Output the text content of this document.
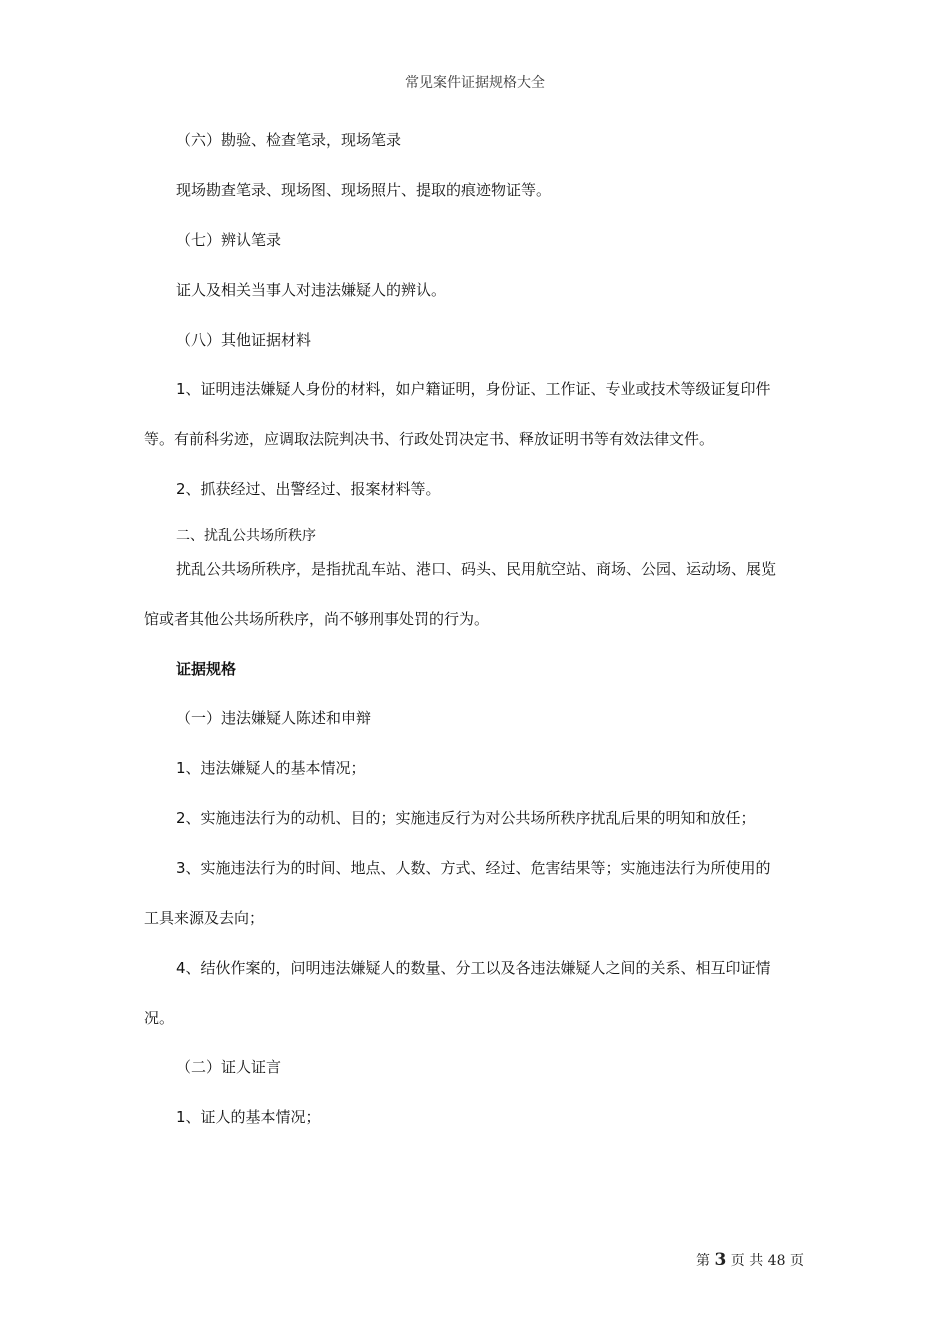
常见案件证据规格大全
（六）勘验、检查笔录，现场笔录
现场勘查笔录、现场图、现场照片、提取的痕迹物证等。
（七）辨认笔录
证人及相关当事人对违法嫌疑人的辨认。
（八）其他证据材料
1、证明违法嫌疑人身份的材料，如户籍证明，身份证、工作证、专业或技术等级证复印件
等。有前科劣迹，应调取法院判决书、行政处罚决定书、释放证明书等有效法律文件。
2、抓获经过、出警经过、报案材料等。
二、扰乱公共场所秩序
扰乱公共场所秩序，是指扰乱车站、港口、码头、民用航空站、商场、公园、运动场、展览
馆或者其他公共场所秩序，尚不够刑事处罚的行为。
证据规格
（一）违法嫌疑人陈述和申辩
1、违法嫌疑人的基本情况；
2、实施违法行为的动机、目的；实施违反行为对公共场所秩序扰乱后果的明知和放任；
3、实施违法行为的时间、地点、人数、方式、经过、危害结果等；实施违法行为所使用的
工具来源及去向；
4、结伙作案的，问明违法嫌疑人的数量、分工以及各违法嫌疑人之间的关系、相互印证情
况。
（二）证人证言
1、证人的基本情况；
第 3 页 共 48 页
